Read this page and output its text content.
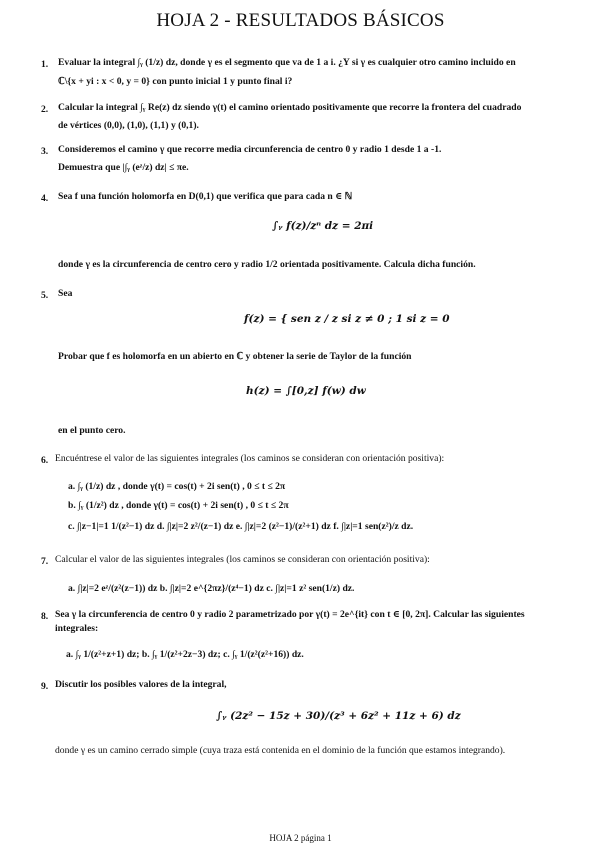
HOJA 2 - RESULTADOS BÁSICOS
1. Evaluar la integral ∫ᵧ (1/z) dz, donde γ es el segmento que va de 1 a i. ¿Y si γ es cualquier otro camino incluido en
ℂ\{x + yi : x < 0, y = 0} con punto inicial 1 y punto final i?
2. Calcular la integral ∫ᵧ Re(z) dz siendo γ(t) el camino orientado positivamente que recorre la frontera del cuadrado
de vértices (0,0), (1,0), (1,1) y (0,1).
3. Consideremos el camino γ que recorre media circunferencia de centro 0 y radio 1 desde 1 a -1.
Demuestra que |∫ᵧ (eᶻ/z) dz| ≤ πe.
4. Sea f una función holomorfa en D(0,1) que verifica que para cada n ∈ ℕ
∫ᵧ f(z)/zⁿ dz = 2πi
donde γ es la circunferencia de centro cero y radio 1/2 orientada positivamente. Calcula dicha función.
5. Sea
f(z) = { sen z / z si z ≠ 0 ; 1 si z = 0
Probar que f es holomorfa en un abierto en ℂ y obtener la serie de Taylor de la función
h(z) = ∫[0,z] f(w) dw
en el punto cero.
6. Encuéntrese el valor de las siguientes integrales (los caminos se consideran con orientación positiva):
a. ∫ᵧ (1/z) dz , donde γ(t) = cos(t) + 2i sen(t) , 0 ≤ t ≤ 2π
b. ∫ᵧ (1/z²) dz , donde γ(t) = cos(t) + 2i sen(t) , 0 ≤ t ≤ 2π
c. ∫|z−1|=1 1/(z²−1) dz d. ∫|z|=2 z²/(z−1) dz e. ∫|z|=2 (z²−1)/(z²+1) dz f. ∫|z|=1 sen(z²)/z dz.
7. Calcular el valor de las siguientes integrales (los caminos se consideran con orientación positiva):
a. ∫|z|=2 eᶻ/(z²(z−1)) dz b. ∫|z|=2 e^{2πz}/(z⁴−1) dz c. ∫|z|=1 z² sen(1/z) dz.
8. Sea γ la circunferencia de centro 0 y radio 2 parametrizado por γ(t) = 2e^{it} con t ∈ [0, 2π]. Calcular las siguientes
integrales:
a. ∫ᵧ 1/(z²+z+1) dz; b. ∫ᵧ 1/(z²+2z−3) dz; c. ∫ᵧ 1/(z²(z²+16)) dz.
9. Discutir los posibles valores de la integral,
∫ᵧ (2z² − 15z + 30)/(z³ + 6z² + 11z + 6) dz
donde γ es un camino cerrado simple (cuya traza está contenida en el dominio de la función que estamos integrando).
HOJA 2 página 1
